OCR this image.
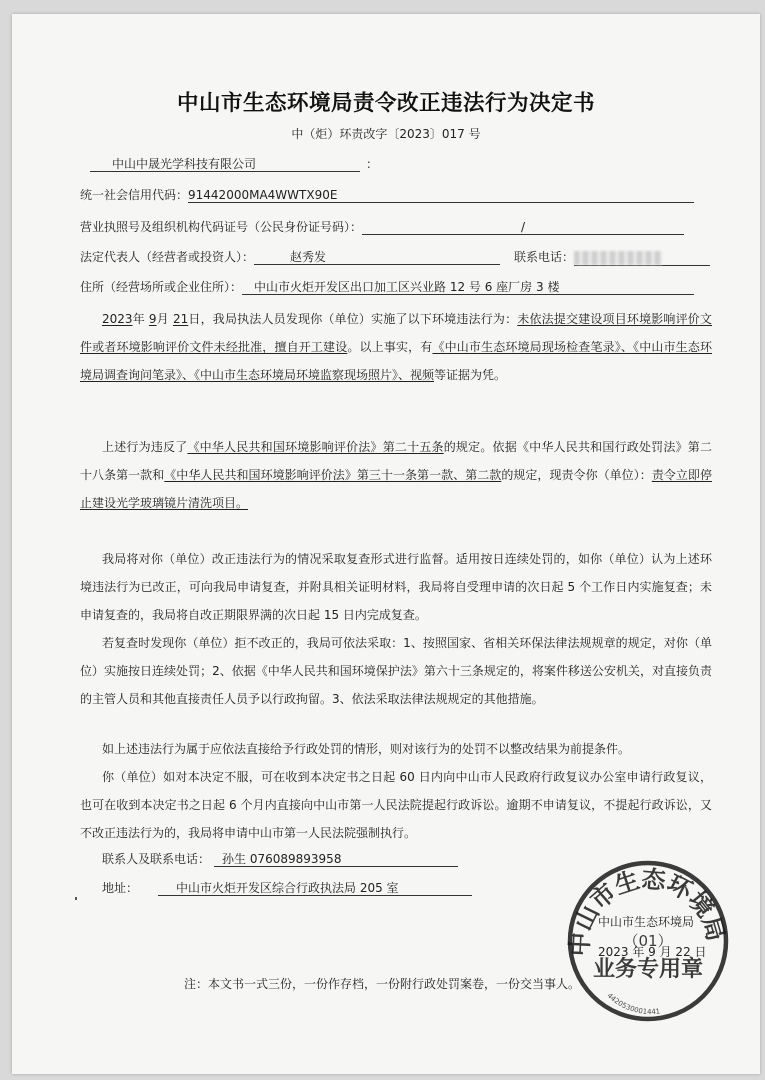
中山市生态环境局责令改正违法行为决定书
中（炬）环责改字〔2023〕017 号
中山中晟光学科技有限公司	：
统一社会信用代码：91442000MA4WWTX90E
营业执照号及组织机构代码证号（公民身份证号码）：	/
法定代表人（经营者或投资人）：	赵秀发	联系电话：
住所（经营场所或企业住所）： 中山市火炬开发区出口加工区兴业路 12 号 6 座厂房 3 楼
2023年 9月 21日，我局执法人员发现你（单位）实施了以下环境违法行为：未依法提交建设项目环境影响评价文件或者环境影响评价文件未经批准，擅自开工建设。以上事实，有《中山市生态环境局现场检查笔录》、《中山市生态环境局调查询问笔录》、《中山市生态环境局环境监察现场照片》、视频等证据为凭。
上述行为违反了《中华人民共和国环境影响评价法》第二十五条的规定。依据《中华人民共和国行政处罚法》第二十八条第一款和《中华人民共和国环境影响评价法》第三十一条第一款、第二款的规定，现责令你（单位）：责令立即停止建设光学玻璃镜片清洗项目。
我局将对你（单位）改正违法行为的情况采取复查形式进行监督。适用按日连续处罚的，如你（单位）认为上述环境违法行为已改正，可向我局申请复查，并附具相关证明材料，我局将自受理申请的次日起 5 个工作日内实施复查；未申请复查的，我局将自改正期限界满的次日起 15 日内完成复查。
若复查时发现你（单位）拒不改正的，我局可依法采取：1、按照国家、省相关环保法律法规规章的规定，对你（单位）实施按日连续处罚；2、依据《中华人民共和国环境保护法》第六十三条规定的，将案件移送公安机关，对直接负责的主管人员和其他直接责任人员予以行政拘留。3、依法采取法律法规规定的其他措施。
如上述违法行为属于应依法直接给予行政处罚的情形，则对该行为的处罚不以整改结果为前提条件。
你（单位）如对本决定不服，可在收到本决定书之日起 60 日内向中山市人民政府行政复议办公室申请行政复议，也可在收到本决定书之日起 6 个月内直接向中山市第一人民法院提起行政诉讼。逾期不申请复议，不提起行政诉讼，又不改正违法行为的，我局将申请中山市第一人民法院强制执行。
联系人及联系电话： 孙生 076089893958
地址：	中山市火炬开发区综合行政执法局 205 室
中山市生态环境局
2023 年 9 月 22 日
中山市生态环境局
（01）
业务专用章
4420530001441
注：本文书一式三份，一份作存档，一份附行政处罚案卷，一份交当事人。
